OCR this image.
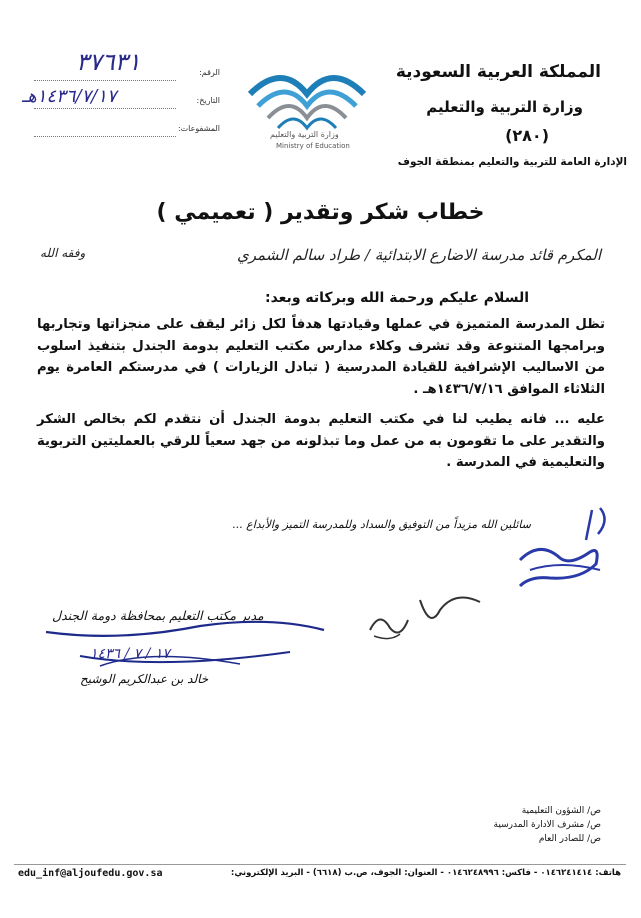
المملكة العربية السعودية
وزارة التربية والتعليم
(٢٨٠)
الإدارة العامة للتربية والتعليم بمنطقة الجوف
وزارة التربية والتعليم
Ministry of Education
الرقم:
٣٧٦٣١
التاريخ:
١٤٣٦/٧/١٧هـ
المشفوعات:
خطاب شكر وتقدير ( تعميمي )
المكرم قائد مدرسة الاضارع الابتدائية / طراد سالم الشمري
وفقه الله
السلام عليكم ورحمة الله وبركاته وبعد:
تظل المدرسة المتميزة في عملها وقيادتها هدفاً لكل زائر ليقف على منجزاتها وتجاربها وبرامجها المتنوعة وقد تشرف وكلاء مدارس مكتب التعليم بدومة الجندل بتنفيذ اسلوب من الاساليب الإشرافية للقيادة المدرسية ( تبادل الزيارات ) في مدرستكم العامرة يوم الثلاثاء الموافق ١٤٣٦/٧/١٦هـ .
عليه ... فانه يطيب لنا في مكتب التعليم بدومة الجندل أن نتقدم لكم بخالص الشكر والتقدير على ما تقومون به من عمل وما تبذلونه من جهد سعياً للرقي بالعمليتين التربوية والتعليمية في المدرسة .
سائلين الله مزيداً من التوفيق والسداد وللمدرسة التميز والأبداع ...
مدير مكتب التعليم بمحافظة دومة الجندل
١٧ / ٧ / ١٤٣٦
خالد بن عبدالكريم الوشيح
ص/ الشؤون التعليمية
ص/ مشرف الادارة المدرسية
ص/ للصادر العام
edu_inf@aljoufedu.gov.sa	هاتف: ٠١٤٦٢٤١٤١٤ - فاكس: ٠١٤٦٢٤٨٩٩٦ - العنوان: الجوف، ص.ب (٦٦١٨) - البريد الإلكتروني:
